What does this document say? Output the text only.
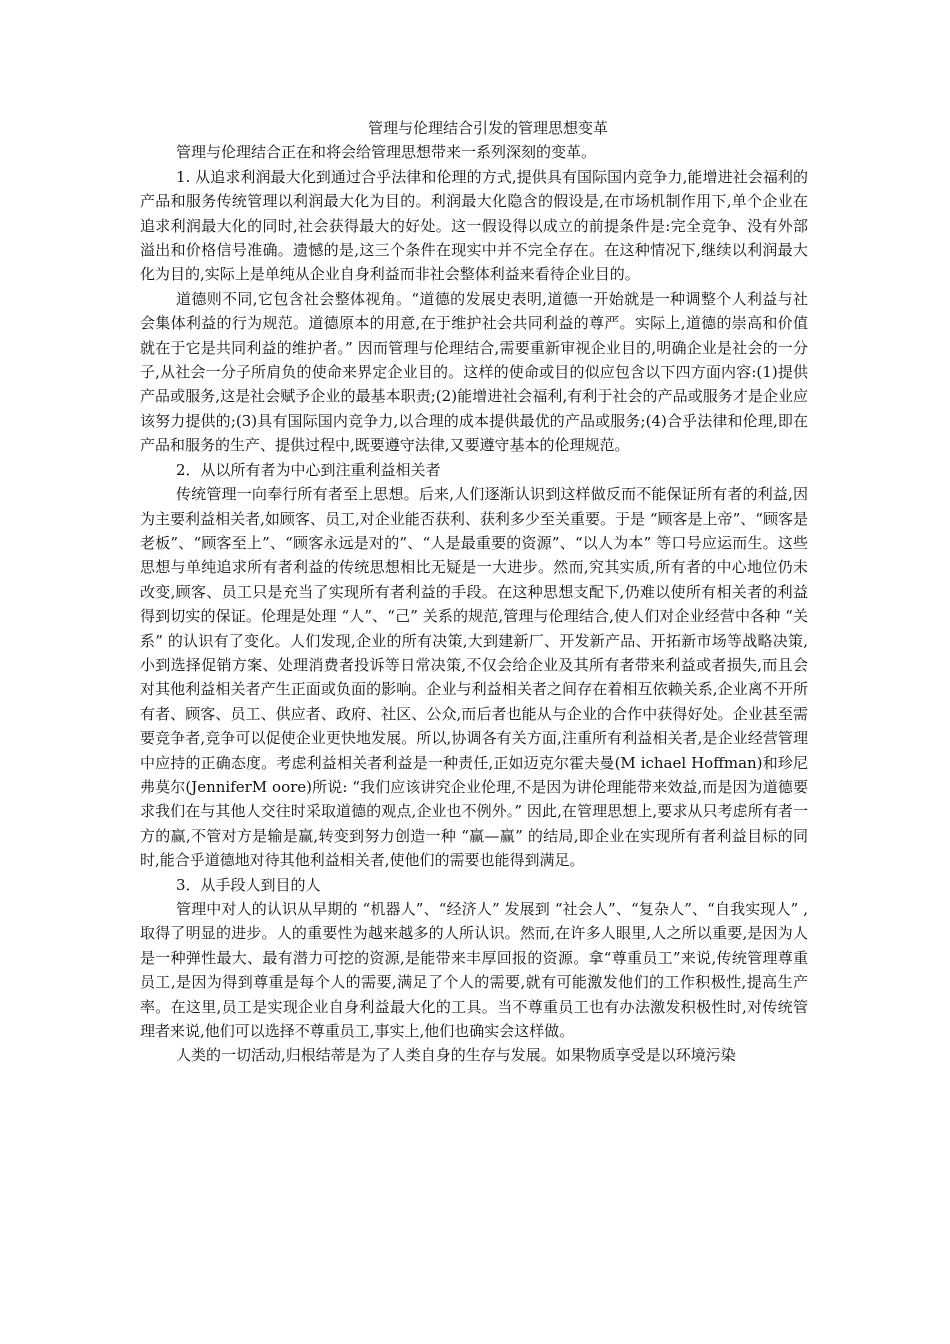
管理与伦理结合引发的管理思想变革

管理与伦理结合正在和将会给管理思想带来一系列深刻的变革。

1. 从追求利润最大化到通过合乎法律和伦理的方式,提供具有国际国内竞争力,能增进社会福利的产品和服务传统管理以利润最大化为目的。利润最大化隐含的假设是,在市场机制作用下,单个企业在追求利润最大化的同时,社会获得最大的好处。这一假设得以成立的前提条件是:完全竞争、没有外部溢出和价格信号准确。遗憾的是,这三个条件在现实中并不完全存在。在这种情况下,继续以利润最大化为目的,实际上是单纯从企业自身利益而非社会整体利益来看待企业目的。

道德则不同,它包含社会整体视角。“道德的发展史表明,道德一开始就是一种调整个人利益与社会集体利益的行为规范。道德原本的用意,在于维护社会共同利益的尊严。实际上,道德的崇高和价值就在于它是共同利益的维护者。” 因而管理与伦理结合,需要重新审视企业目的,明确企业是社会的一分子,从社会一分子所肩负的使命来界定企业目的。这样的使命或目的似应包含以下四方面内容:(1)提供产品或服务,这是社会赋予企业的最基本职责;(2)能增进社会福利,有利于社会的产品或服务才是企业应该努力提供的;(3)具有国际国内竞争力,以合理的成本提供最优的产品或服务;(4)合乎法律和伦理,即在产品和服务的生产、提供过程中,既要遵守法律,又要遵守基本的伦理规范。

2．从以所有者为中心到注重利益相关者

传统管理一向奉行所有者至上思想。后来,人们逐渐认识到这样做反而不能保证所有者的利益,因为主要利益相关者,如顾客、员工,对企业能否获利、获利多少至关重要。于是 “顾客是上帝”、“顾客是老板”、“顾客至上”、“顾客永远是对的”、“人是最重要的资源”、“以人为本” 等口号应运而生。这些思想与单纯追求所有者利益的传统思想相比无疑是一大进步。然而,究其实质,所有者的中心地位仍未改变,顾客、员工只是充当了实现所有者利益的手段。在这种思想支配下,仍难以使所有相关者的利益得到切实的保证。伦理是处理 “人”、“己” 关系的规范,管理与伦理结合,使人们对企业经营中各种 “关系” 的认识有了变化。人们发现,企业的所有决策,大到建新厂、开发新产品、开拓新市场等战略决策,小到选择促销方案、处理消费者投诉等日常决策,不仅会给企业及其所有者带来利益或者损失,而且会对其他利益相关者产生正面或负面的影响。企业与利益相关者之间存在着相互依赖关系,企业离不开所有者、顾客、员工、供应者、政府、社区、公众,而后者也能从与企业的合作中获得好处。企业甚至需要竞争者,竞争可以促使企业更快地发展。所以,协调各有关方面,注重所有利益相关者,是企业经营管理中应持的正确态度。考虑利益相关者利益是一种责任,正如迈克尔霍夫曼(M ichael Hoffman)和珍尼弗莫尔(JenniferM oore)所说: “我们应该讲究企业伦理,不是因为讲伦理能带来效益,而是因为道德要求我们在与其他人交往时采取道德的观点,企业也不例外。” 因此,在管理思想上,要求从只考虑所有者一方的赢,不管对方是输是赢,转变到努力创造一种 “赢—赢” 的结局,即企业在实现所有者利益目标的同时,能合乎道德地对待其他利益相关者,使他们的需要也能得到满足。

3．从手段人到目的人

管理中对人的认识从早期的 “机器人”、“经济人” 发展到 “社会人”、“复杂人”、“自我实现人” ,取得了明显的进步。人的重要性为越来越多的人所认识。然而,在许多人眼里,人之所以重要,是因为人是一种弹性最大、最有潜力可挖的资源,是能带来丰厚回报的资源。拿“尊重员工”来说,传统管理尊重员工,是因为得到尊重是每个人的需要,满足了个人的需要,就有可能激发他们的工作积极性,提高生产率。在这里,员工是实现企业自身利益最大化的工具。当不尊重员工也有办法激发积极性时,对传统管理者来说,他们可以选择不尊重员工,事实上,他们也确实会这样做。

人类的一切活动,归根结蒂是为了人类自身的生存与发展。如果物质享受是以环境污染
